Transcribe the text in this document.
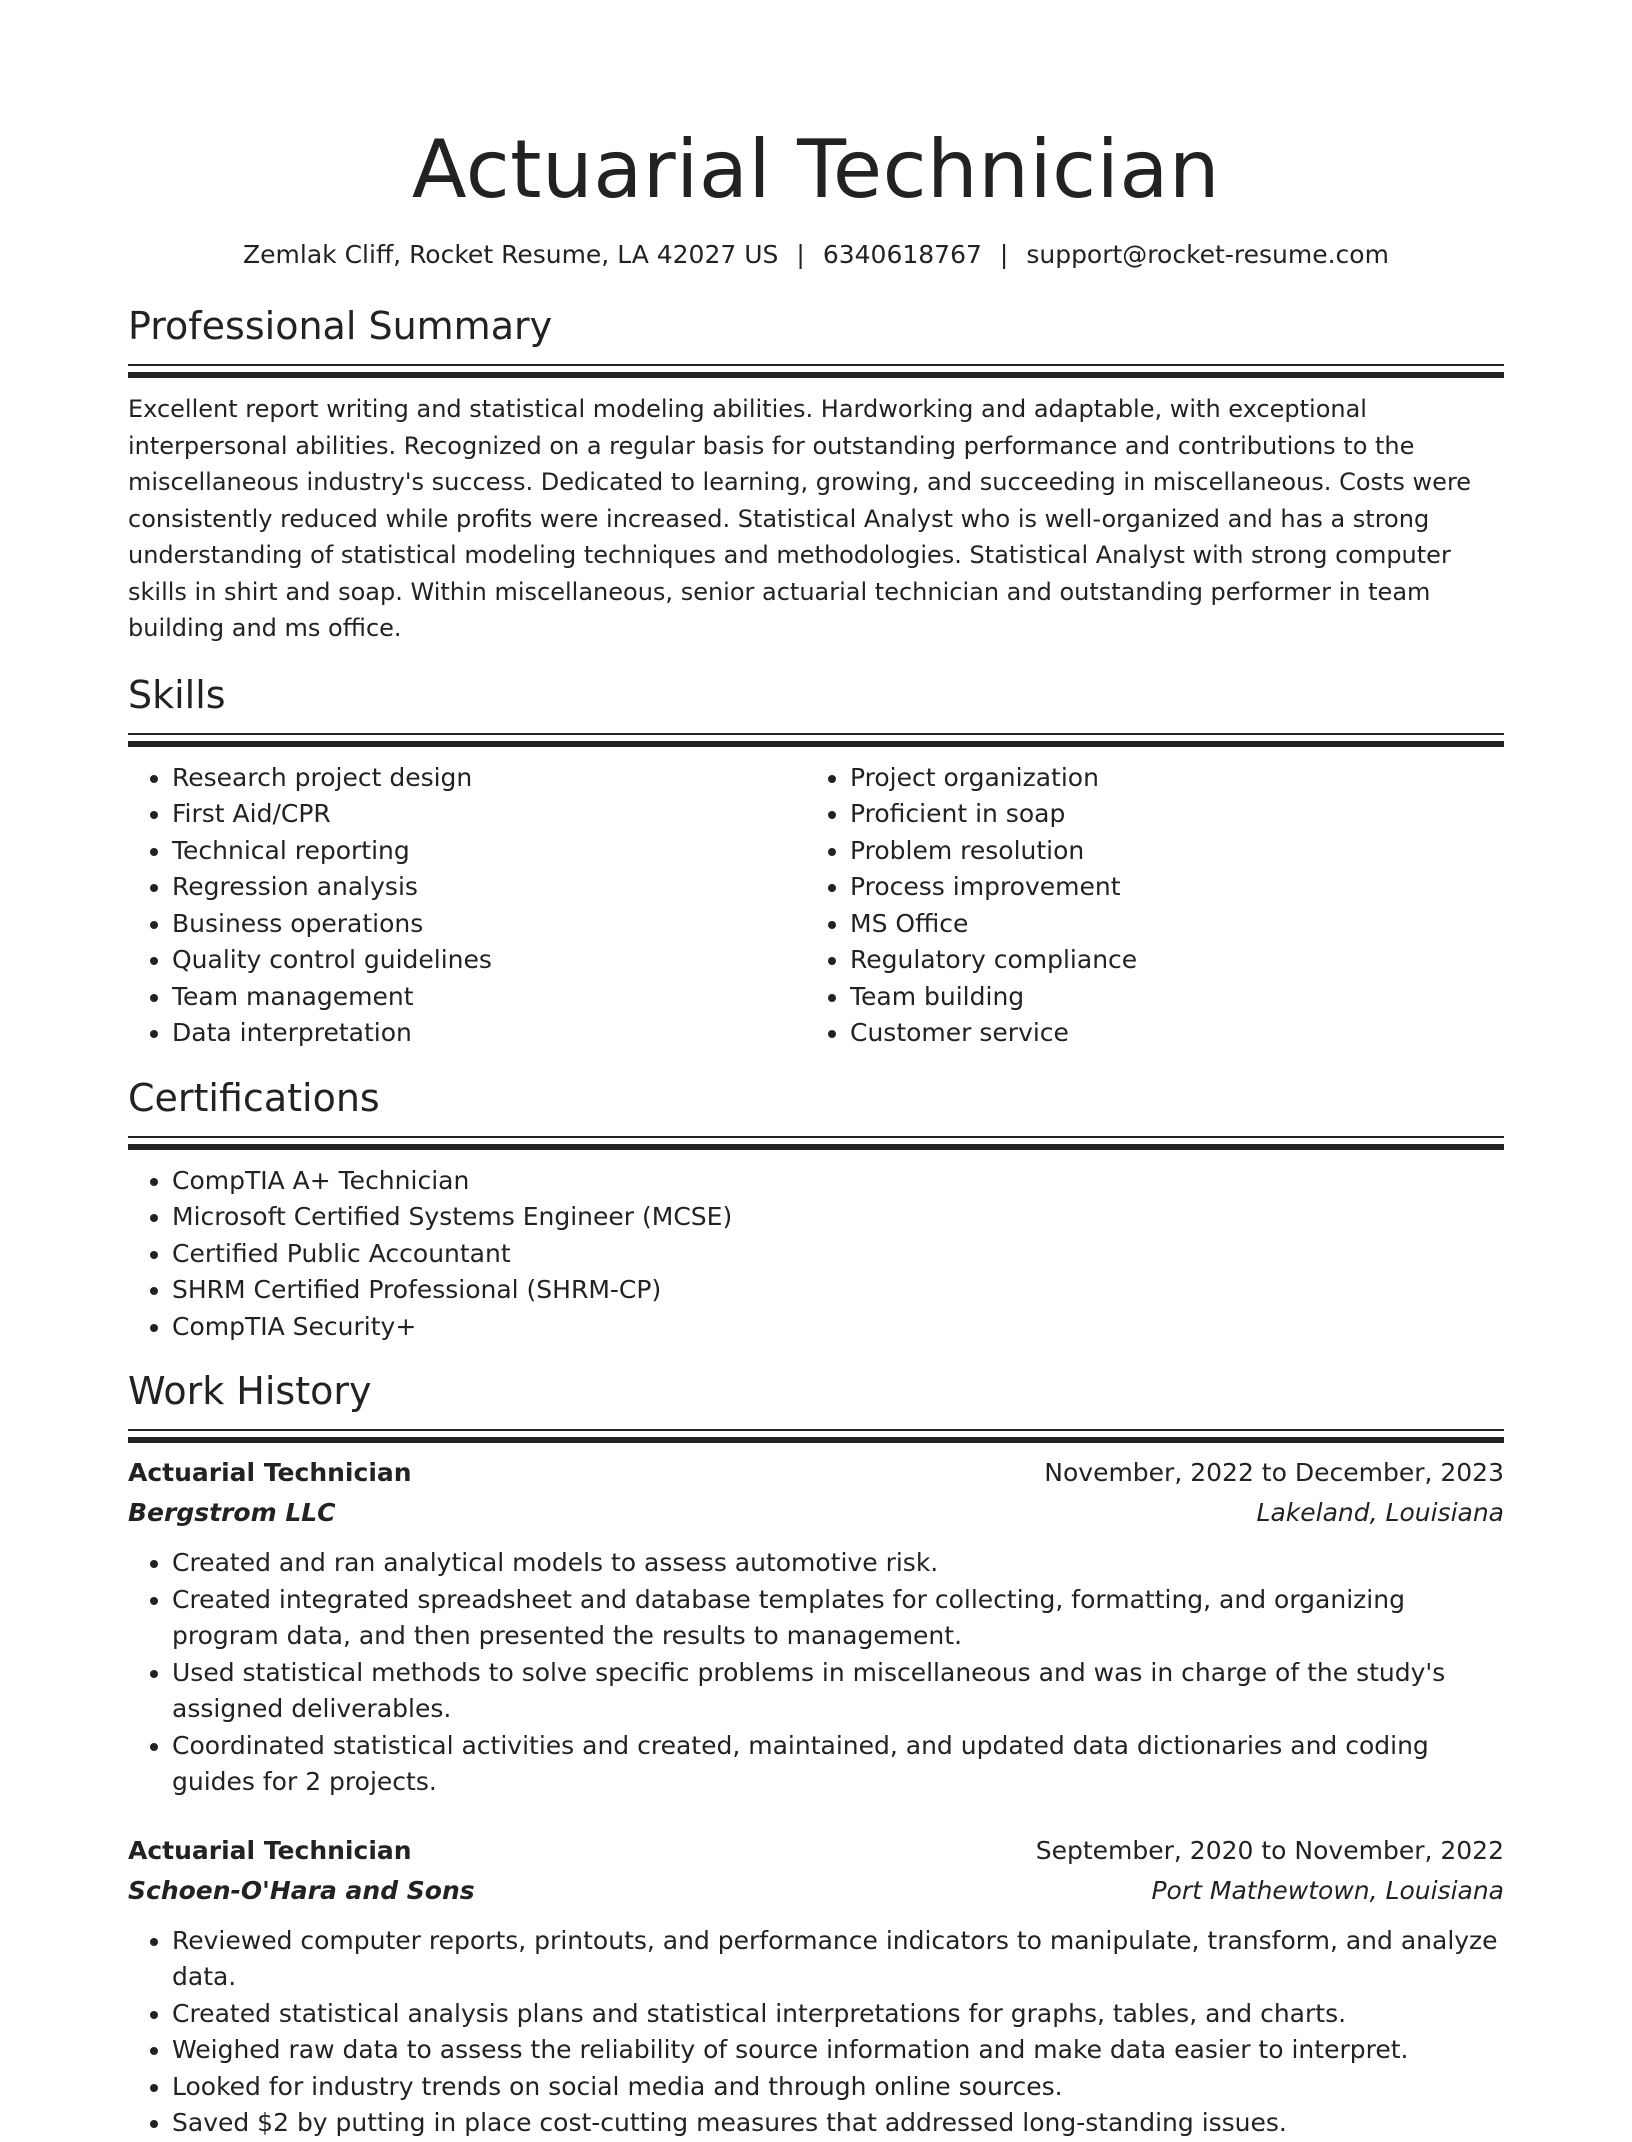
Actuarial Technician
Zemlak Cliff, Rocket Resume, LA 42027 US | 6340618767 | support@rocket-resume.com
Professional Summary
Excellent report writing and statistical modeling abilities. Hardworking and adaptable, with exceptional interpersonal abilities. Recognized on a regular basis for outstanding performance and contributions to the miscellaneous industry's success. Dedicated to learning, growing, and succeeding in miscellaneous. Costs were consistently reduced while profits were increased. Statistical Analyst who is well-organized and has a strong understanding of statistical modeling techniques and methodologies. Statistical Analyst with strong computer skills in shirt and soap. Within miscellaneous, senior actuarial technician and outstanding performer in team building and ms office.
Skills
• Research project design
• First Aid/CPR
• Technical reporting
• Regression analysis
• Business operations
• Quality control guidelines
• Team management
• Data interpretation
• Project organization
• Proficient in soap
• Problem resolution
• Process improvement
• MS Office
• Regulatory compliance
• Team building
• Customer service
Certifications
• CompTIA A+ Technician
• Microsoft Certified Systems Engineer (MCSE)
• Certified Public Accountant
• SHRM Certified Professional (SHRM-CP)
• CompTIA Security+
Work History
Actuarial Technician	November, 2022 to December, 2023
Bergstrom LLC	Lakeland, Louisiana
• Created and ran analytical models to assess automotive risk.
• Created integrated spreadsheet and database templates for collecting, formatting, and organizing program data, and then presented the results to management.
• Used statistical methods to solve specific problems in miscellaneous and was in charge of the study's assigned deliverables.
• Coordinated statistical activities and created, maintained, and updated data dictionaries and coding guides for 2 projects.
Actuarial Technician	September, 2020 to November, 2022
Schoen-O'Hara and Sons	Port Mathewtown, Louisiana
• Reviewed computer reports, printouts, and performance indicators to manipulate, transform, and analyze data.
• Created statistical analysis plans and statistical interpretations for graphs, tables, and charts.
• Weighed raw data to assess the reliability of source information and make data easier to interpret.
• Looked for industry trends on social media and through online sources.
• Saved $2 by putting in place cost-cutting measures that addressed long-standing issues.
